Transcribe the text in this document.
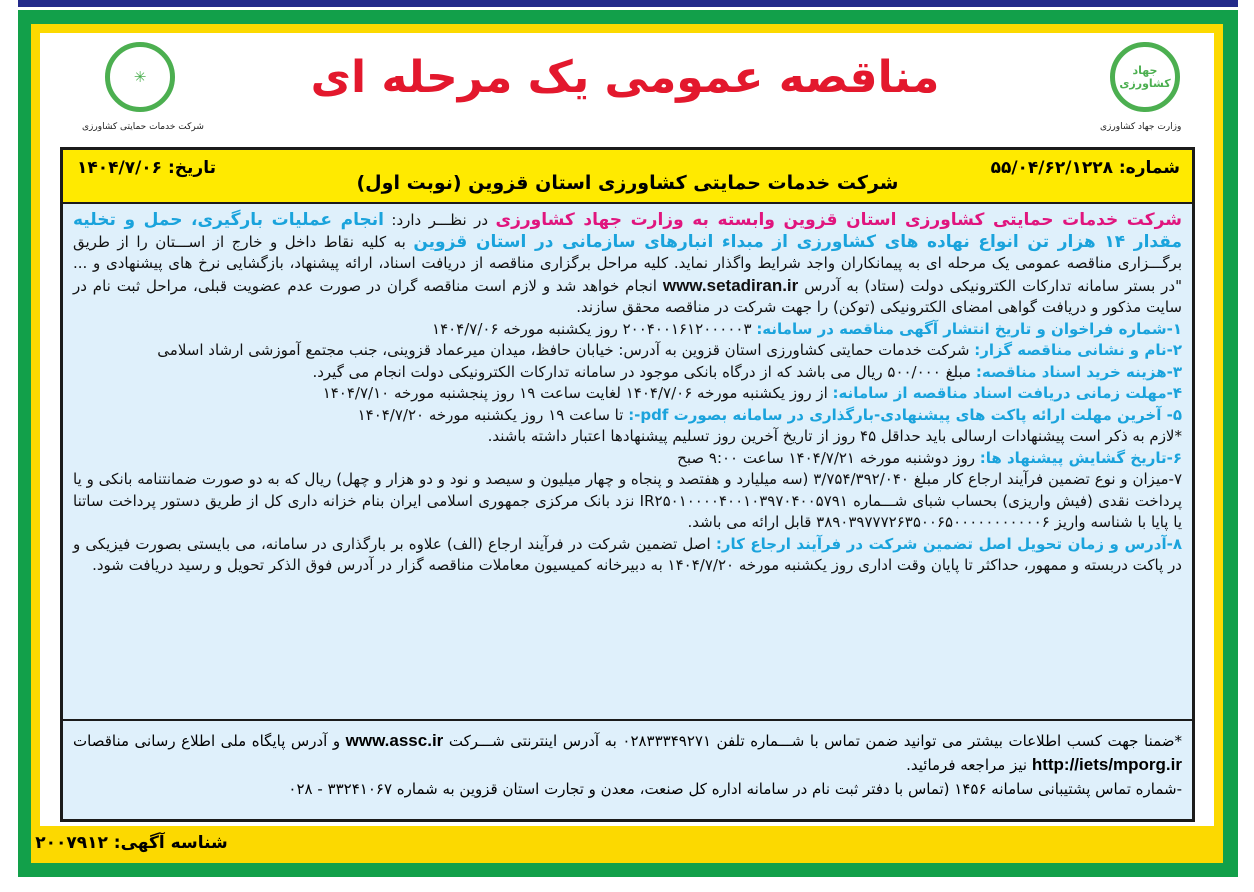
✳
شرکت خدمات حمایتی کشاورزی
جهاد کشاورزی
وزارت جهاد کشاورزی
مناقصه عمومی یک مرحله ای
شماره: ۵۵/۰۴/۶۲/۱۲۲۸
تاریخ: ۱۴۰۴/۷/۰۶
شرکت خدمات حمایتی کشاورزی استان قزوین (نوبت اول)

شرکت خدمات حمایتی کشاورزی استان قزوین وابسته به وزارت جهاد کشاورزی در نظـــر دارد: انجام عملیات بارگیری، حمل و تخلیه مقدار ۱۴ هزار تن انواع نهاده های کشاورزی از مبداء انبارهای سازمانی در استان قزوین به کلیه نقاط داخل و خارج از اســـتان را از طریق برگـــزاری مناقصه عمومی یک مرحله ای به پیمانکاران واجد شرایط واگذار نماید. کلیه مراحل برگزاری مناقصه از دریافت اسناد، ارائه پیشنهاد، بازگشایی نرخ های پیشنهادی و ... "در بستر سامانه تدارکات الکترونیکی دولت (ستاد) به آدرس www.setadiran.ir انجام خواهد شد و لازم است مناقصه گران در صورت عدم عضویت قبلی، مراحل ثبت نام در سایت مذکور و دریافت گواهی امضای الکترونیکی (توکن) را جهت شرکت در مناقصه محقق سازند.

۱-شماره فراخوان و تاریخ انتشار آگهی مناقصه در سامانه: ۲۰۰۴۰۰۱۶۱۲۰۰۰۰۰۳ روز یکشنبه مورخه ۱۴۰۴/۷/۰۶

۲-نام و نشانی مناقصه گزار: شرکت خدمات حمایتی کشاورزی استان قزوین به آدرس: خیابان حافظ، میدان میرعماد قزوینی، جنب مجتمع آموزشی ارشاد اسلامی

۳-هزینه خرید اسناد مناقصه: مبلغ ۵۰۰/۰۰۰ ریال می باشد که از درگاه بانکی موجود در سامانه تدارکات الکترونیکی دولت انجام می گیرد.

۴-مهلت زمانی دریافت اسناد مناقصه از سامانه: از روز یکشنبه مورخه ۱۴۰۴/۷/۰۶ لغایت ساعت ۱۹ روز پنجشنبه مورخه ۱۴۰۴/۷/۱۰

۵- آخرین مهلت ارائه پاکت های پیشنهادی-بارگذاری در سامانه بصورت pdf-: تا ساعت ۱۹ روز یکشنبه مورخه ۱۴۰۴/۷/۲۰

*لازم به ذکر است پیشنهادات ارسالی باید حداقل ۴۵ روز از تاریخ آخرین روز تسلیم پیشنهادها اعتبار داشته باشند.

۶-تاریخ گشایش پیشنهاد ها: روز دوشنبه مورخه ۱۴۰۴/۷/۲۱ ساعت ۹:۰۰ صبح

۷-میزان و نوع تضمین فرآیند ارجاع کار مبلغ ۳/۷۵۴/۳۹۲/۰۴۰ (سه میلیارد و هفتصد و پنجاه و چهار میلیون و سیصد و نود و دو هزار و چهل) ریال که به دو صورت ضمانتنامه بانکی و یا پرداخت نقدی (فیش واریزی) بحساب شبای شـــماره IR۲۵۰۱۰۰۰۰۴۰۰۱۰۳۹۷۰۴۰۰۵۷۹۱ نزد بانک مرکزی جمهوری اسلامی ایران بنام خزانه داری کل از طریق دستور پرداخت ساتنا یا پایا با شناسه واریز ۳۸۹۰۳۹۷۷۷۲۶۳۵۰۰۶۵۰۰۰۰۰۰۰۰۰۰۰۶ قابل ارائه می باشد.

۸-آدرس و زمان تحویل اصل تضمین شرکت در فرآیند ارجاع کار: اصل تضمین شرکت در فرآیند ارجاع (الف) علاوه بر بارگذاری در سامانه، می بایستی بصورت فیزیکی و در پاکت دربسته و ممهور، حداکثر تا پایان وقت اداری روز یکشنبه مورخه ۱۴۰۴/۷/۲۰ به دبیرخانه کمیسیون معاملات مناقصه گزار در آدرس فوق الذکر تحویل و رسید دریافت شود.

*ضمنا جهت کسب اطلاعات بیشتر می توانید ضمن تماس با شـــماره تلفن ۰۲۸۳۳۳۴۹۲۷۱ به آدرس اینترنتی شـــرکت www.assc.ir و آدرس پایگاه ملی اطلاع رسانی مناقصات http://iets/mporg.ir نیز مراجعه فرمائید.

-شماره تماس پشتیبانی سامانه ۱۴۵۶ (تماس با دفتر ثبت نام در سامانه اداره کل صنعت، معدن و تجارت استان قزوین به شماره ۳۳۲۴۱۰۶۷ - ۰۲۸

شناسه آگهی: ۲۰۰۷۹۱۲
